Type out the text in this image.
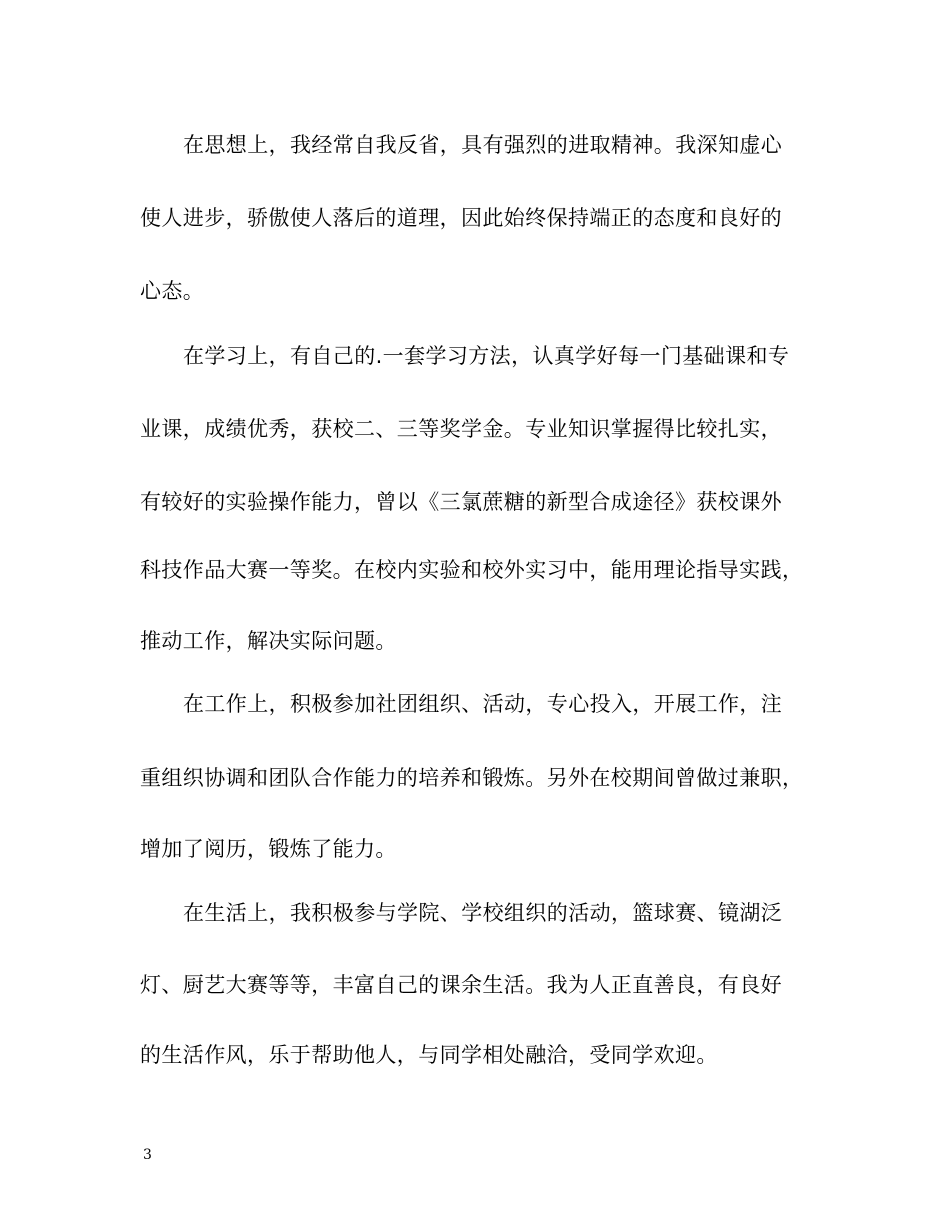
在思想上，我经常自我反省，具有强烈的进取精神。我深知虚心
使人进步，骄傲使人落后的道理，因此始终保持端正的态度和良好的
心态。
在学习上，有自己的.一套学习方法，认真学好每一门基础课和专
业课，成绩优秀，获校二、三等奖学金。专业知识掌握得比较扎实，
有较好的实验操作能力，曾以《三氯蔗糖的新型合成途径》获校课外
科技作品大赛一等奖。在校内实验和校外实习中，能用理论指导实践，
推动工作，解决实际问题。
在工作上，积极参加社团组织、活动，专心投入，开展工作，注
重组织协调和团队合作能力的培养和锻炼。另外在校期间曾做过兼职，
增加了阅历，锻炼了能力。
在生活上，我积极参与学院、学校组织的活动，篮球赛、镜湖泛
灯、厨艺大赛等等，丰富自己的课余生活。我为人正直善良，有良好
的生活作风，乐于帮助他人，与同学相处融洽，受同学欢迎。
3
